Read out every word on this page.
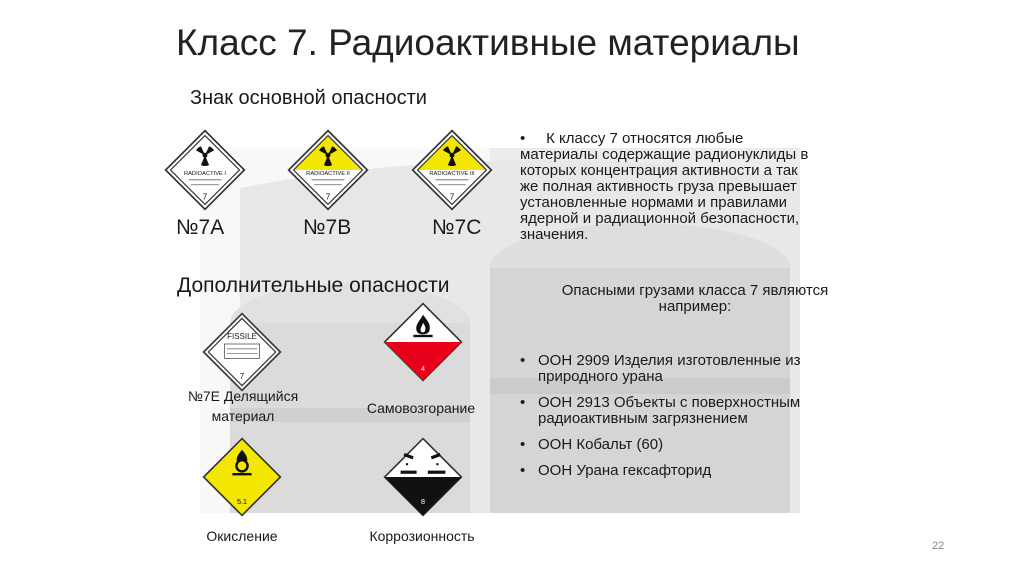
Класс 7. Радиоактивные материалы
Знак основной опасности
RADIOACTIVE I
7
RADIOACTIVE II
7
RADIOACTIVE III
7
№7A	№7B	№7C
Дополнительные опасности
FISSILE
7
4
№7E Делящийся
материал	Самовозгорание
5.1	8
Окисление	Коррозионность
•     К классу 7 относятся любые
материалы содержащие радионуклиды в
которых концентрация активности а так
же полная активность груза превышает
установленные нормами и правилами
ядерной и радиационной безопасности,
значения.
Опасными грузами класса 7 являются
например:
• ООН 2909 Изделия изготовленные из
природного урана
• ООН 2913 Объекты с поверхностным
радиоактивным загрязнением
• ООН Кобальт (60)
• ООН Урана гексафторид
22
